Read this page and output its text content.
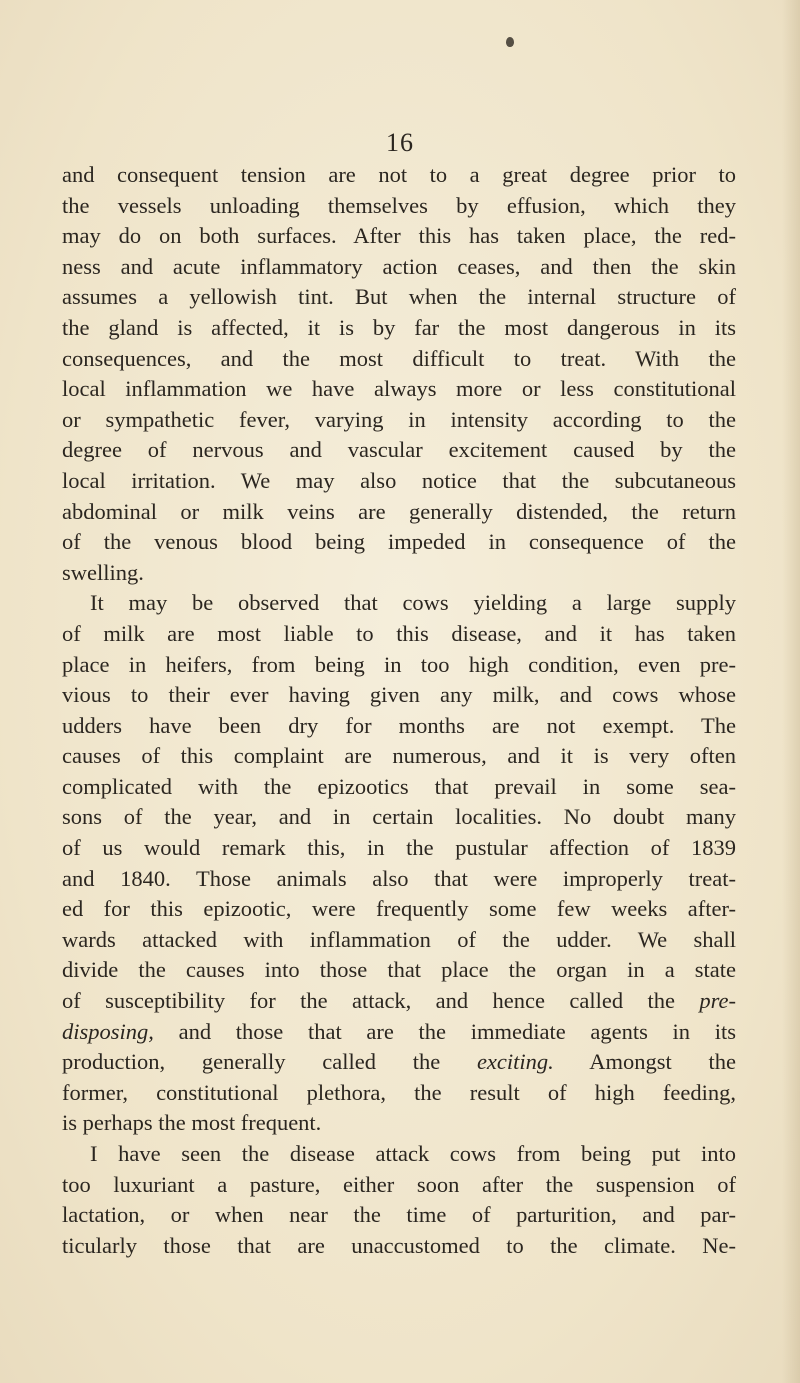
16
and consequent tension are not to a great degree prior to
the vessels unloading themselves by effusion, which they
may do on both surfaces. After this has taken place, the red-
ness and acute inflammatory action ceases, and then the skin
assumes a yellowish tint. But when the internal structure of
the gland is affected, it is by far the most dangerous in its
consequences, and the most difficult to treat. With the
local inflammation we have always more or less constitutional
or sympathetic fever, varying in intensity according to the
degree of nervous and vascular excitement caused by the
local irritation. We may also notice that the subcutaneous
abdominal or milk veins are generally distended, the return
of the venous blood being impeded in consequence of the
swelling.
It may be observed that cows yielding a large supply
of milk are most liable to this disease, and it has taken
place in heifers, from being in too high condition, even pre-
vious to their ever having given any milk, and cows whose
udders have been dry for months are not exempt. The
causes of this complaint are numerous, and it is very often
complicated with the epizootics that prevail in some sea-
sons of the year, and in certain localities. No doubt many
of us would remark this, in the pustular affection of 1839
and 1840. Those animals also that were improperly treat-
ed for this epizootic, were frequently some few weeks after-
wards attacked with inflammation of the udder. We shall
divide the causes into those that place the organ in a state
of susceptibility for the attack, and hence called the pre-
disposing, and those that are the immediate agents in its
production, generally called the exciting. Amongst the
former, constitutional plethora, the result of high feeding,
is perhaps the most frequent.
I have seen the disease attack cows from being put into
too luxuriant a pasture, either soon after the suspension of
lactation, or when near the time of parturition, and par-
ticularly those that are unaccustomed to the climate. Ne-
